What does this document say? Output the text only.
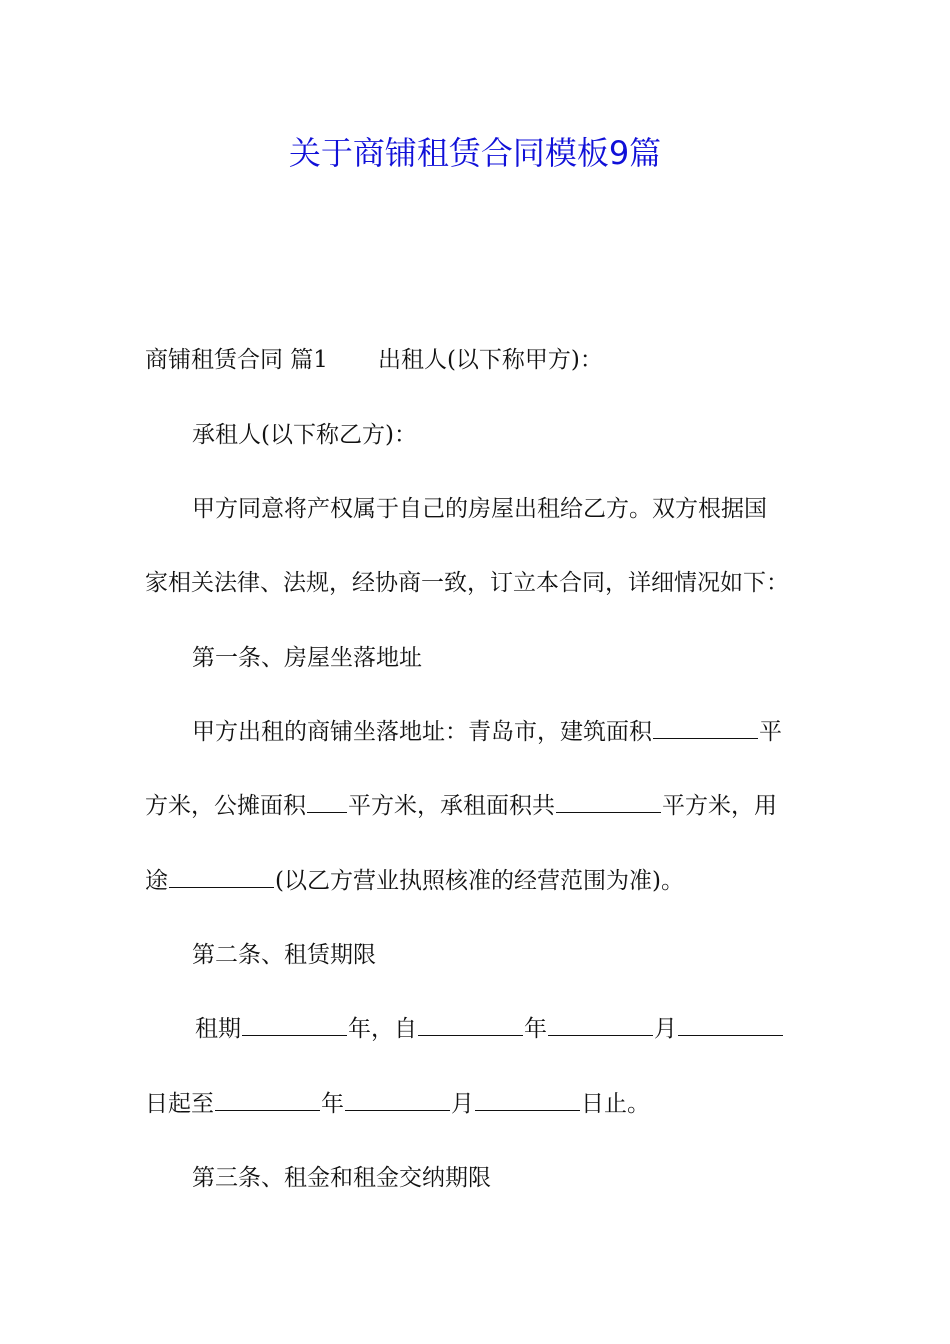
关于商铺租赁合同模板9篇
商铺租赁合同 篇1 出租人(以下称甲方)：
承租人(以下称乙方)：
甲方同意将产权属于自己的房屋出租给乙方。双方根据国
家相关法律、法规，经协商一致，订立本合同，详细情况如下：
第一条、房屋坐落地址
甲方出租的商铺坐落地址：青岛市，建筑面积	平
方米，公摊面积 平方米，承租面积共	平方米，用
途	(以乙方营业执照核准的经营范围为准)。
第二条、租赁期限
租期	年，自	年	月
日起至	年	月	日止。
第三条、租金和租金交纳期限
